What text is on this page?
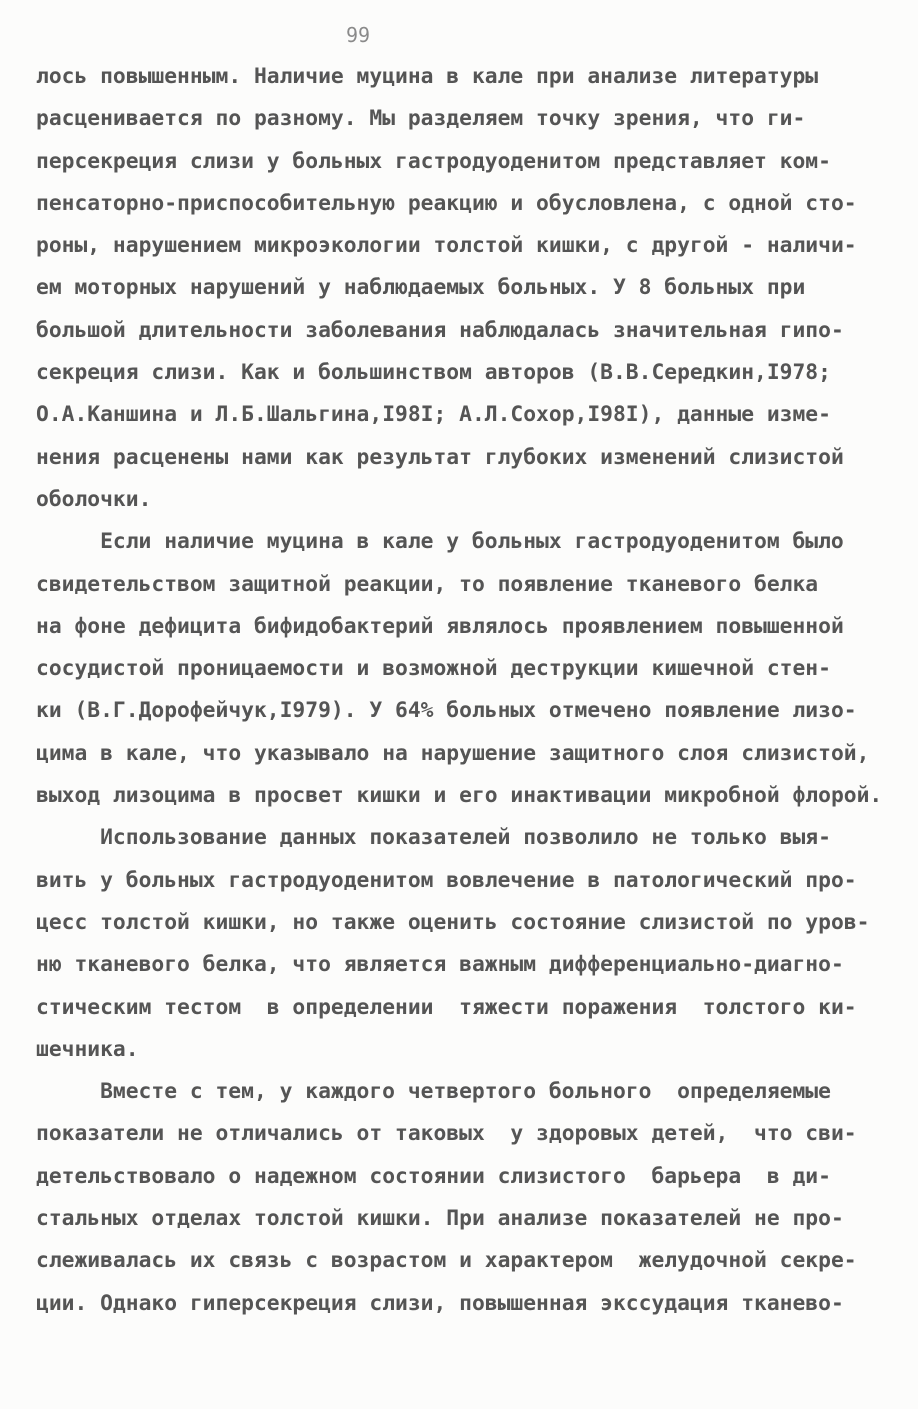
99
лось повышенным. Наличие муцина в кале при анализе литературы
расценивается по разному. Мы разделяем точку зрения, что ги-
персекреция слизи у больных гастродуоденитом представляет ком-
пенсаторно-приспособительную реакцию и обусловлена, с одной сто-
роны, нарушением микроэкологии толстой кишки, с другой - наличи-
ем моторных нарушений у наблюдаемых больных. У 8 больных при
большой длительности заболевания наблюдалась значительная гипо-
секреция слизи. Как и большинством авторов (В.В.Середкин,I978;
О.А.Каншина и Л.Б.Шальгина,I98I; А.Л.Сохор,I98I), данные изме-
нения расценены нами как результат глубоких изменений слизистой
оболочки.
Если наличие муцина в кале у больных гастродуоденитом было
свидетельством защитной реакции, то появление тканевого белка
на фоне дефицита бифидобактерий являлось проявлением повышенной
сосудистой проницаемости и возможной деструкции кишечной стен-
ки (В.Г.Дорофейчук,I979). У 64% больных отмечено появление лизо-
цима в кале, что указывало на нарушение защитного слоя слизистой,
выход лизоцима в просвет кишки и его инактивации микробной флорой.
Использование данных показателей позволило не только выя-
вить у больных гастродуоденитом вовлечение в патологический про-
цесс толстой кишки, но также оценить состояние слизистой по уров-
ню тканевого белка, что является важным дифференциально-диагно-
стическим тестом  в определении  тяжести поражения  толстого ки-
шечника.
Вместе с тем, у каждого четвертого больного  определяемые
показатели не отличались от таковых  у здоровых детей,  что сви-
детельствовало о надежном состоянии слизистого  барьера  в ди-
стальных отделах толстой кишки. При анализе показателей не про-
слеживалась их связь с возрастом и характером  желудочной секре-
ции. Однако гиперсекреция слизи, повышенная экссудация тканево-
